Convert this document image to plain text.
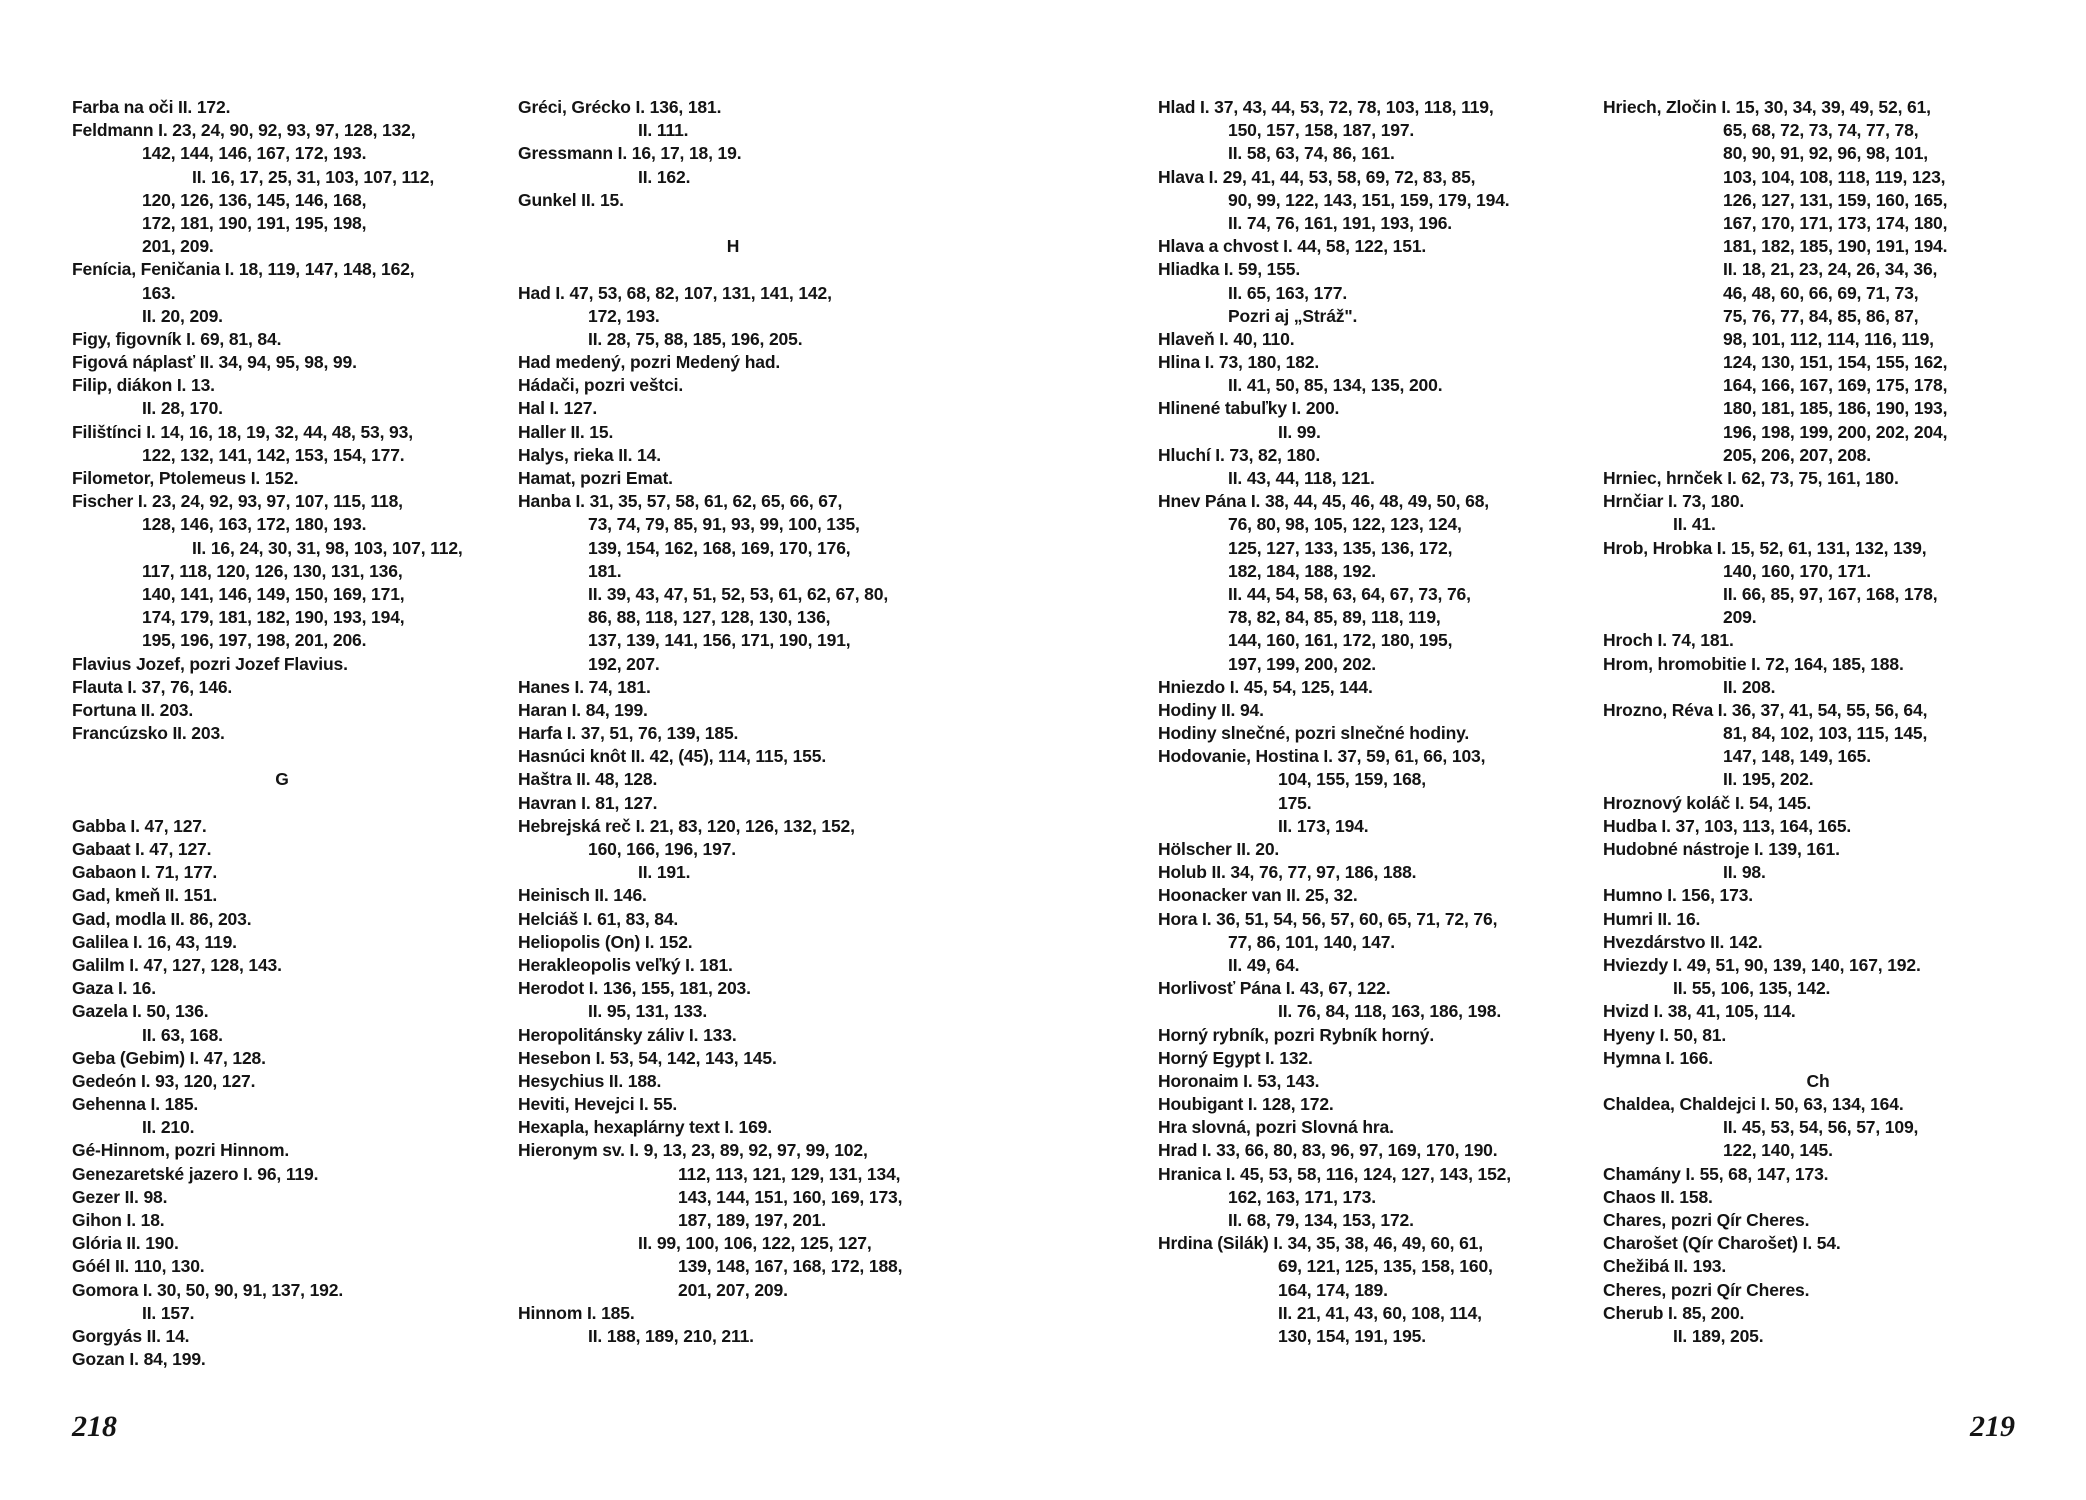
Farba na oči II. 172.
Feldmann I. 23, 24, 90, 92, 93, 97, 128, 132,
142, 144, 146, 167, 172, 193.
II. 16, 17, 25, 31, 103, 107, 112,
120, 126, 136, 145, 146, 168,
172, 181, 190, 191, 195, 198,
201, 209.
Fenícia, Feničania I. 18, 119, 147, 148, 162,
163.
II. 20, 209.
Figy, figovník I. 69, 81, 84.
Figová náplasť II. 34, 94, 95, 98, 99.
Filip, diákon I. 13.
II. 28, 170.
Filištínci I. 14, 16, 18, 19, 32, 44, 48, 53, 93,
122, 132, 141, 142, 153, 154, 177.
Filometor, Ptolemeus I. 152.
Fischer I. 23, 24, 92, 93, 97, 107, 115, 118,
128, 146, 163, 172, 180, 193.
II. 16, 24, 30, 31, 98, 103, 107, 112,
117, 118, 120, 126, 130, 131, 136,
140, 141, 146, 149, 150, 169, 171,
174, 179, 181, 182, 190, 193, 194,
195, 196, 197, 198, 201, 206.
Flavius Jozef, pozri Jozef Flavius.
Flauta I. 37, 76, 146.
Fortuna II. 203.
Francúzsko II. 203.
G
Gabba I. 47, 127.
Gabaat I. 47, 127.
Gabaon I. 71, 177.
Gad, kmeň II. 151.
Gad, modla II. 86, 203.
Galilea I. 16, 43, 119.
Galilm I. 47, 127, 128, 143.
Gaza I. 16.
Gazela I. 50, 136.
II. 63, 168.
Geba (Gebim) I. 47, 128.
Gedeón I. 93, 120, 127.
Gehenna I. 185.
II. 210.
Gé-Hinnom, pozri Hinnom.
Genezaretské jazero I. 96, 119.
Gezer II. 98.
Gihon I. 18.
Glória II. 190.
Góél II. 110, 130.
Gomora I. 30, 50, 90, 91, 137, 192.
II. 157.
Gorgyás II. 14.
Gozan I. 84, 199.
Gréci, Grécko I. 136, 181.
II. 111.
Gressmann I. 16, 17, 18, 19.
II. 162.
Gunkel II. 15.
H
Had I. 47, 53, 68, 82, 107, 131, 141, 142,
172, 193.
II. 28, 75, 88, 185, 196, 205.
Had medený, pozri Medený had.
Hádači, pozri veštci.
Hal I. 127.
Haller II. 15.
Halys, rieka II. 14.
Hamat, pozri Emat.
Hanba I. 31, 35, 57, 58, 61, 62, 65, 66, 67,
73, 74, 79, 85, 91, 93, 99, 100, 135,
139, 154, 162, 168, 169, 170, 176,
181.
II. 39, 43, 47, 51, 52, 53, 61, 62, 67, 80,
86, 88, 118, 127, 128, 130, 136,
137, 139, 141, 156, 171, 190, 191,
192, 207.
Hanes I. 74, 181.
Haran I. 84, 199.
Harfa I. 37, 51, 76, 139, 185.
Hasnúci knôt II. 42, (45), 114, 115, 155.
Haštra II. 48, 128.
Havran I. 81, 127.
Hebrejská reč I. 21, 83, 120, 126, 132, 152,
160, 166, 196, 197.
II. 191.
Heinisch II. 146.
Helciáš I. 61, 83, 84.
Heliopolis (On) I. 152.
Herakleopolis veľký I. 181.
Herodot I. 136, 155, 181, 203.
II. 95, 131, 133.
Heropolitánsky záliv I. 133.
Hesebon I. 53, 54, 142, 143, 145.
Hesychius II. 188.
Heviti, Hevejci I. 55.
Hexapla, hexaplárny text I. 169.
Hieronym sv. I. 9, 13, 23, 89, 92, 97, 99, 102,
112, 113, 121, 129, 131, 134,
143, 144, 151, 160, 169, 173,
187, 189, 197, 201.
II. 99, 100, 106, 122, 125, 127,
139, 148, 167, 168, 172, 188,
201, 207, 209.
Hinnom I. 185.
II. 188, 189, 210, 211.
Hlad I. 37, 43, 44, 53, 72, 78, 103, 118, 119,
150, 157, 158, 187, 197.
II. 58, 63, 74, 86, 161.
Hlava I. 29, 41, 44, 53, 58, 69, 72, 83, 85,
90, 99, 122, 143, 151, 159, 179, 194.
II. 74, 76, 161, 191, 193, 196.
Hlava a chvost I. 44, 58, 122, 151.
Hliadka I. 59, 155.
II. 65, 163, 177.
Pozri aj „Stráž".
Hlaveň I. 40, 110.
Hlina I. 73, 180, 182.
II. 41, 50, 85, 134, 135, 200.
Hlinené tabuľky I. 200.
II. 99.
Hluchí I. 73, 82, 180.
II. 43, 44, 118, 121.
Hnev Pána I. 38, 44, 45, 46, 48, 49, 50, 68,
76, 80, 98, 105, 122, 123, 124,
125, 127, 133, 135, 136, 172,
182, 184, 188, 192.
II. 44, 54, 58, 63, 64, 67, 73, 76,
78, 82, 84, 85, 89, 118, 119,
144, 160, 161, 172, 180, 195,
197, 199, 200, 202.
Hniezdo I. 45, 54, 125, 144.
Hodiny II. 94.
Hodiny slnečné, pozri slnečné hodiny.
Hodovanie, Hostina I. 37, 59, 61, 66, 103,
104, 155, 159, 168,
175.
II. 173, 194.
Hölscher II. 20.
Holub II. 34, 76, 77, 97, 186, 188.
Hoonacker van II. 25, 32.
Hora I. 36, 51, 54, 56, 57, 60, 65, 71, 72, 76,
77, 86, 101, 140, 147.
II. 49, 64.
Horlivosť Pána I. 43, 67, 122.
II. 76, 84, 118, 163, 186, 198.
Horný rybník, pozri Rybník horný.
Horný Egypt I. 132.
Horonaim I. 53, 143.
Houbigant I. 128, 172.
Hra slovná, pozri Slovná hra.
Hrad I. 33, 66, 80, 83, 96, 97, 169, 170, 190.
Hranica I. 45, 53, 58, 116, 124, 127, 143, 152,
162, 163, 171, 173.
II. 68, 79, 134, 153, 172.
Hrdina (Silák) I. 34, 35, 38, 46, 49, 60, 61,
69, 121, 125, 135, 158, 160,
164, 174, 189.
II. 21, 41, 43, 60, 108, 114,
130, 154, 191, 195.
Hriech, Zločin I. 15, 30, 34, 39, 49, 52, 61,
65, 68, 72, 73, 74, 77, 78,
80, 90, 91, 92, 96, 98, 101,
103, 104, 108, 118, 119, 123,
126, 127, 131, 159, 160, 165,
167, 170, 171, 173, 174, 180,
181, 182, 185, 190, 191, 194.
II. 18, 21, 23, 24, 26, 34, 36,
46, 48, 60, 66, 69, 71, 73,
75, 76, 77, 84, 85, 86, 87,
98, 101, 112, 114, 116, 119,
124, 130, 151, 154, 155, 162,
164, 166, 167, 169, 175, 178,
180, 181, 185, 186, 190, 193,
196, 198, 199, 200, 202, 204,
205, 206, 207, 208.
Hrniec, hrnček I. 62, 73, 75, 161, 180.
Hrnčiar I. 73, 180.
II. 41.
Hrob, Hrobka I. 15, 52, 61, 131, 132, 139,
140, 160, 170, 171.
II. 66, 85, 97, 167, 168, 178,
209.
Hroch I. 74, 181.
Hrom, hromobitie I. 72, 164, 185, 188.
II. 208.
Hrozno, Réva I. 36, 37, 41, 54, 55, 56, 64,
81, 84, 102, 103, 115, 145,
147, 148, 149, 165.
II. 195, 202.
Hroznový koláč I. 54, 145.
Hudba I. 37, 103, 113, 164, 165.
Hudobné nástroje I. 139, 161.
II. 98.
Humno I. 156, 173.
Humri II. 16.
Hvezdárstvo II. 142.
Hviezdy I. 49, 51, 90, 139, 140, 167, 192.
II. 55, 106, 135, 142.
Hvizd I. 38, 41, 105, 114.
Hyeny I. 50, 81.
Hymna I. 166.
Ch
Chaldea, Chaldejci I. 50, 63, 134, 164.
II. 45, 53, 54, 56, 57, 109,
122, 140, 145.
Chamány I. 55, 68, 147, 173.
Chaos II. 158.
Chares, pozri Qír Cheres.
Charošet (Qír Charošet) I. 54.
Chežibá II. 193.
Cheres, pozri Qír Cheres.
Cherub I. 85, 200.
II. 189, 205.
218	219
